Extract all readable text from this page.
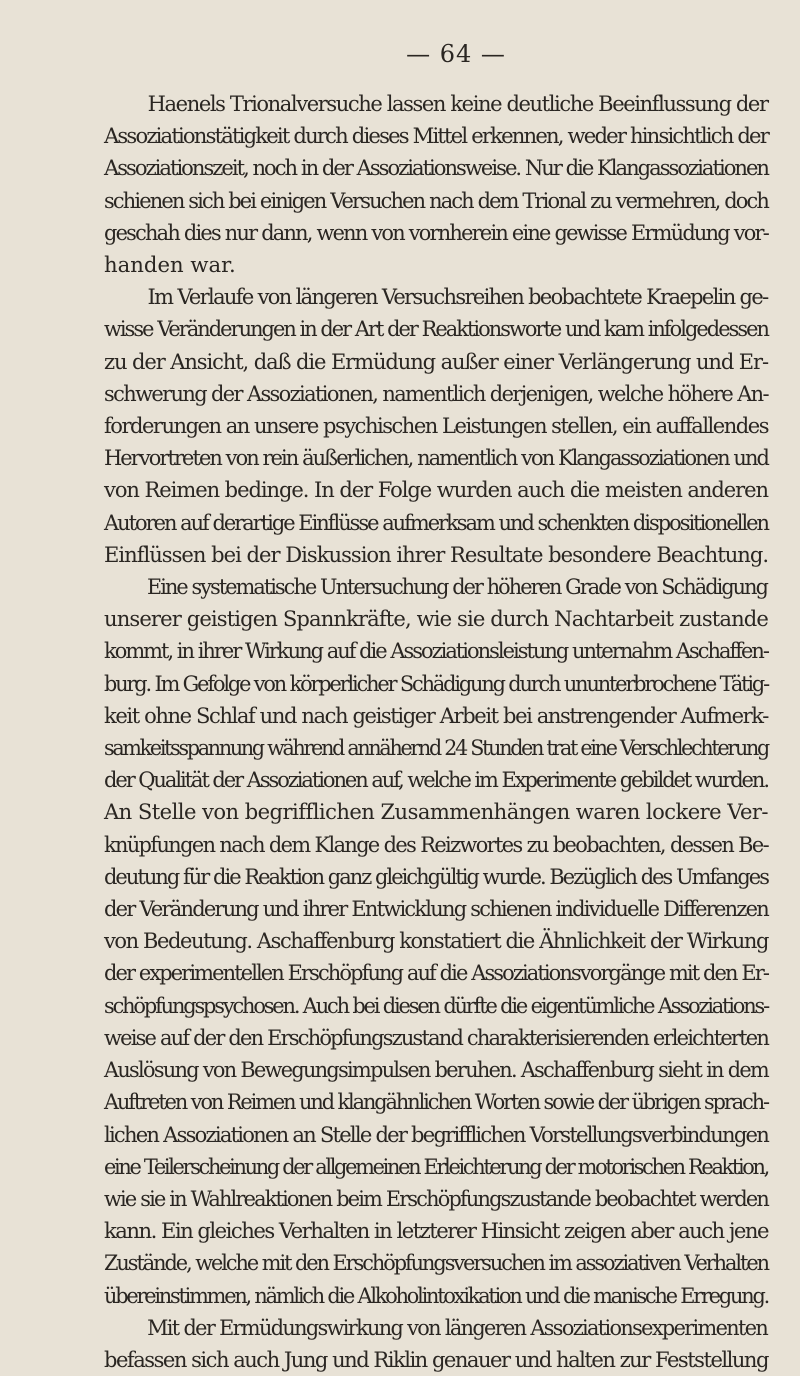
— 64 —
Haenels Trionalversuche lassen keine deutliche Beeinflussung der
Assoziationstätigkeit durch dieses Mittel erkennen, weder hinsichtlich der
Assoziationszeit, noch in der Assoziationsweise. Nur die Klangassoziationen
schienen sich bei einigen Versuchen nach dem Trional zu vermehren, doch
geschah dies nur dann, wenn von vornherein eine gewisse Ermüdung vor-
handen war.
Im Verlaufe von längeren Versuchsreihen beobachtete Kraepelin ge-
wisse Veränderungen in der Art der Reaktionsworte und kam infolgedessen
zu der Ansicht, daß die Ermüdung außer einer Verlängerung und Er-
schwerung der Assoziationen, namentlich derjenigen, welche höhere An-
forderungen an unsere psychischen Leistungen stellen, ein auffallendes
Hervortreten von rein äußerlichen, namentlich von Klangassoziationen und
von Reimen bedinge. In der Folge wurden auch die meisten anderen
Autoren auf derartige Einflüsse aufmerksam und schenkten dispositionellen
Einflüssen bei der Diskussion ihrer Resultate besondere Beachtung.
Eine systematische Untersuchung der höheren Grade von Schädigung
unserer geistigen Spannkräfte, wie sie durch Nachtarbeit zustande
kommt, in ihrer Wirkung auf die Assoziationsleistung unternahm Aschaffen-
burg. Im Gefolge von körperlicher Schädigung durch ununterbrochene Tätig-
keit ohne Schlaf und nach geistiger Arbeit bei anstrengender Aufmerk-
samkeitsspannung während annähernd 24 Stunden trat eine Verschlechterung
der Qualität der Assoziationen auf, welche im Experimente gebildet wurden.
An Stelle von begrifflichen Zusammenhängen waren lockere Ver-
knüpfungen nach dem Klange des Reizwortes zu beobachten, dessen Be-
deutung für die Reaktion ganz gleichgültig wurde. Bezüglich des Umfanges
der Veränderung und ihrer Entwicklung schienen individuelle Differenzen
von Bedeutung. Aschaffenburg konstatiert die Ähnlichkeit der Wirkung
der experimentellen Erschöpfung auf die Assoziationsvorgänge mit den Er-
schöpfungspsychosen. Auch bei diesen dürfte die eigentümliche Assoziations-
weise auf der den Erschöpfungszustand charakterisierenden erleichterten
Auslösung von Bewegungsimpulsen beruhen. Aschaffenburg sieht in dem
Auftreten von Reimen und klangähnlichen Worten sowie der übrigen sprach-
lichen Assoziationen an Stelle der begrifflichen Vorstellungsverbindungen
eine Teilerscheinung der allgemeinen Erleichterung der motorischen Reaktion,
wie sie in Wahlreaktionen beim Erschöpfungszustande beobachtet werden
kann. Ein gleiches Verhalten in letzterer Hinsicht zeigen aber auch jene
Zustände, welche mit den Erschöpfungsversuchen im assoziativen Verhalten
übereinstimmen, nämlich die Alkoholintoxikation und die manische Erregung.
Mit der Ermüdungswirkung von längeren Assoziationsexperimenten
befassen sich auch Jung und Riklin genauer und halten zur Feststellung
